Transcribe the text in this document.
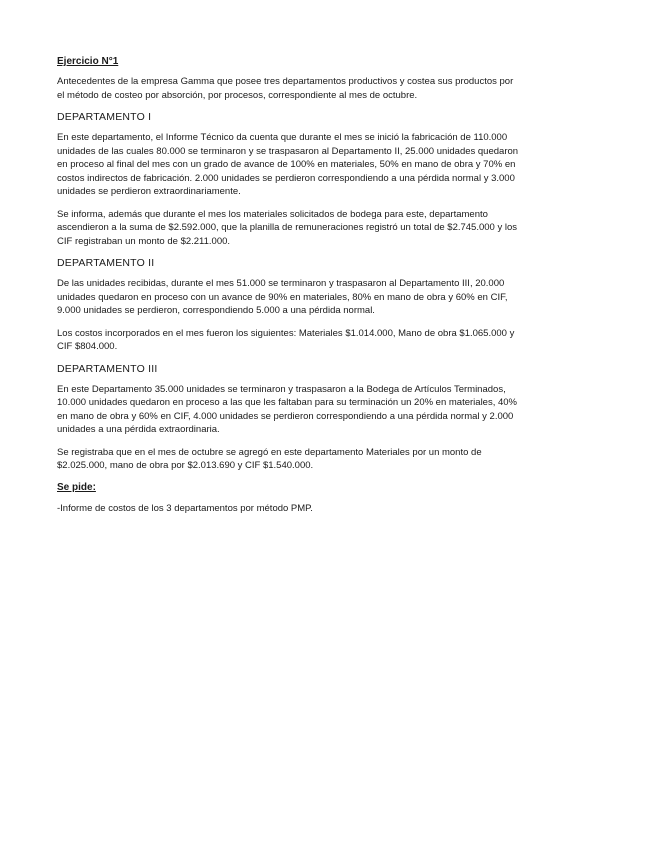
Ejercicio N°1

Antecedentes de la empresa Gamma que posee tres departamentos productivos y costea sus productos por el método de costeo por absorción, por procesos, correspondiente al mes de octubre.

DEPARTAMENTO I

En este departamento, el Informe Técnico da cuenta que durante el mes se inició la fabricación de 110.000 unidades de las cuales 80.000 se terminaron y se traspasaron al Departamento II, 25.000 unidades quedaron en proceso al final del mes con un grado de avance de 100% en materiales, 50% en mano de obra y 70% en costos indirectos de fabricación. 2.000 unidades se perdieron correspondiendo a una pérdida normal y 3.000 unidades se perdieron extraordinariamente.

Se informa, además que durante el mes los materiales solicitados de bodega para este, departamento ascendieron a la suma de $2.592.000, que la planilla de remuneraciones registró un total de $2.745.000 y los CIF registraban un monto de $2.211.000.

DEPARTAMENTO II

De las unidades recibidas, durante el mes 51.000 se terminaron y traspasaron al Departamento III, 20.000 unidades quedaron en proceso con un avance de 90% en materiales, 80% en mano de obra y 60% en CIF, 9.000 unidades se perdieron, correspondiendo 5.000 a una pérdida normal.

Los costos incorporados en el mes fueron los siguientes: Materiales $1.014.000, Mano de obra $1.065.000 y CIF $804.000.

DEPARTAMENTO III

En este Departamento 35.000 unidades se terminaron y traspasaron a la Bodega de Artículos Terminados, 10.000 unidades quedaron en proceso a las que les faltaban para su terminación un 20% en materiales, 40% en mano de obra y 60% en CIF, 4.000 unidades se perdieron correspondiendo a una pérdida normal y 2.000 unidades a una pérdida extraordinaria.

Se registraba que en el mes de octubre se agregó en este departamento Materiales por un monto de $2.025.000, mano de obra por $2.013.690 y CIF $1.540.000.

Se pide:

-Informe de costos de los 3 departamentos por método PMP.
